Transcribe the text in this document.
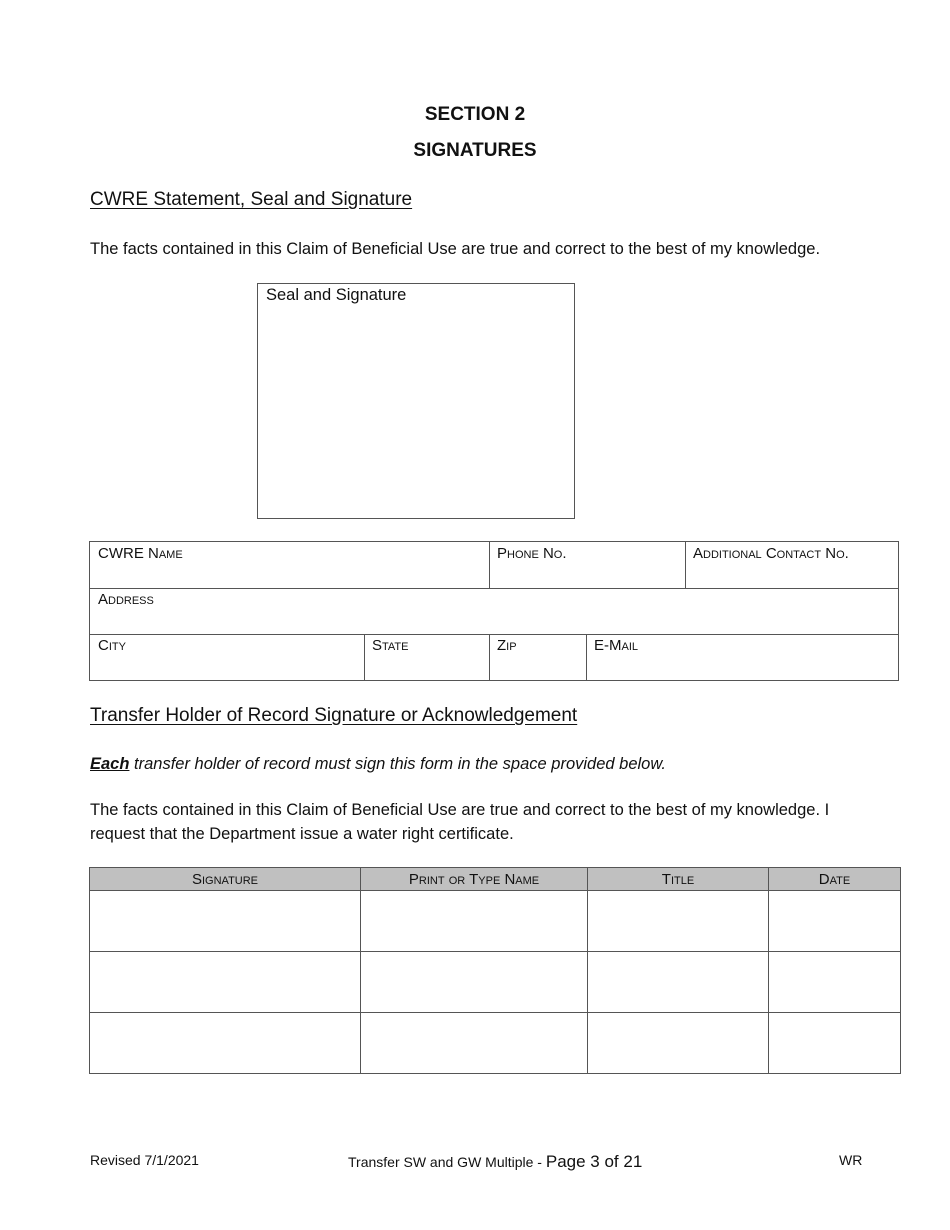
SECTION 2
SIGNATURES
CWRE Statement, Seal and Signature
The facts contained in this Claim of Beneficial Use are true and correct to the best of my knowledge.
Seal and Signature
CWRE Name	Phone No.	Additional Contact No.
Address
City	State	Zip	E-Mail
Transfer Holder of Record Signature or Acknowledgement
Each transfer holder of record must sign this form in the space provided below.
The facts contained in this Claim of Beneficial Use are true and correct to the best of my knowledge. I request that the Department issue a water right certificate.
Signature	Print or Type Name	Title	Date

Revised 7/1/2021	Transfer SW and GW Multiple - Page 3 of 21	WR
